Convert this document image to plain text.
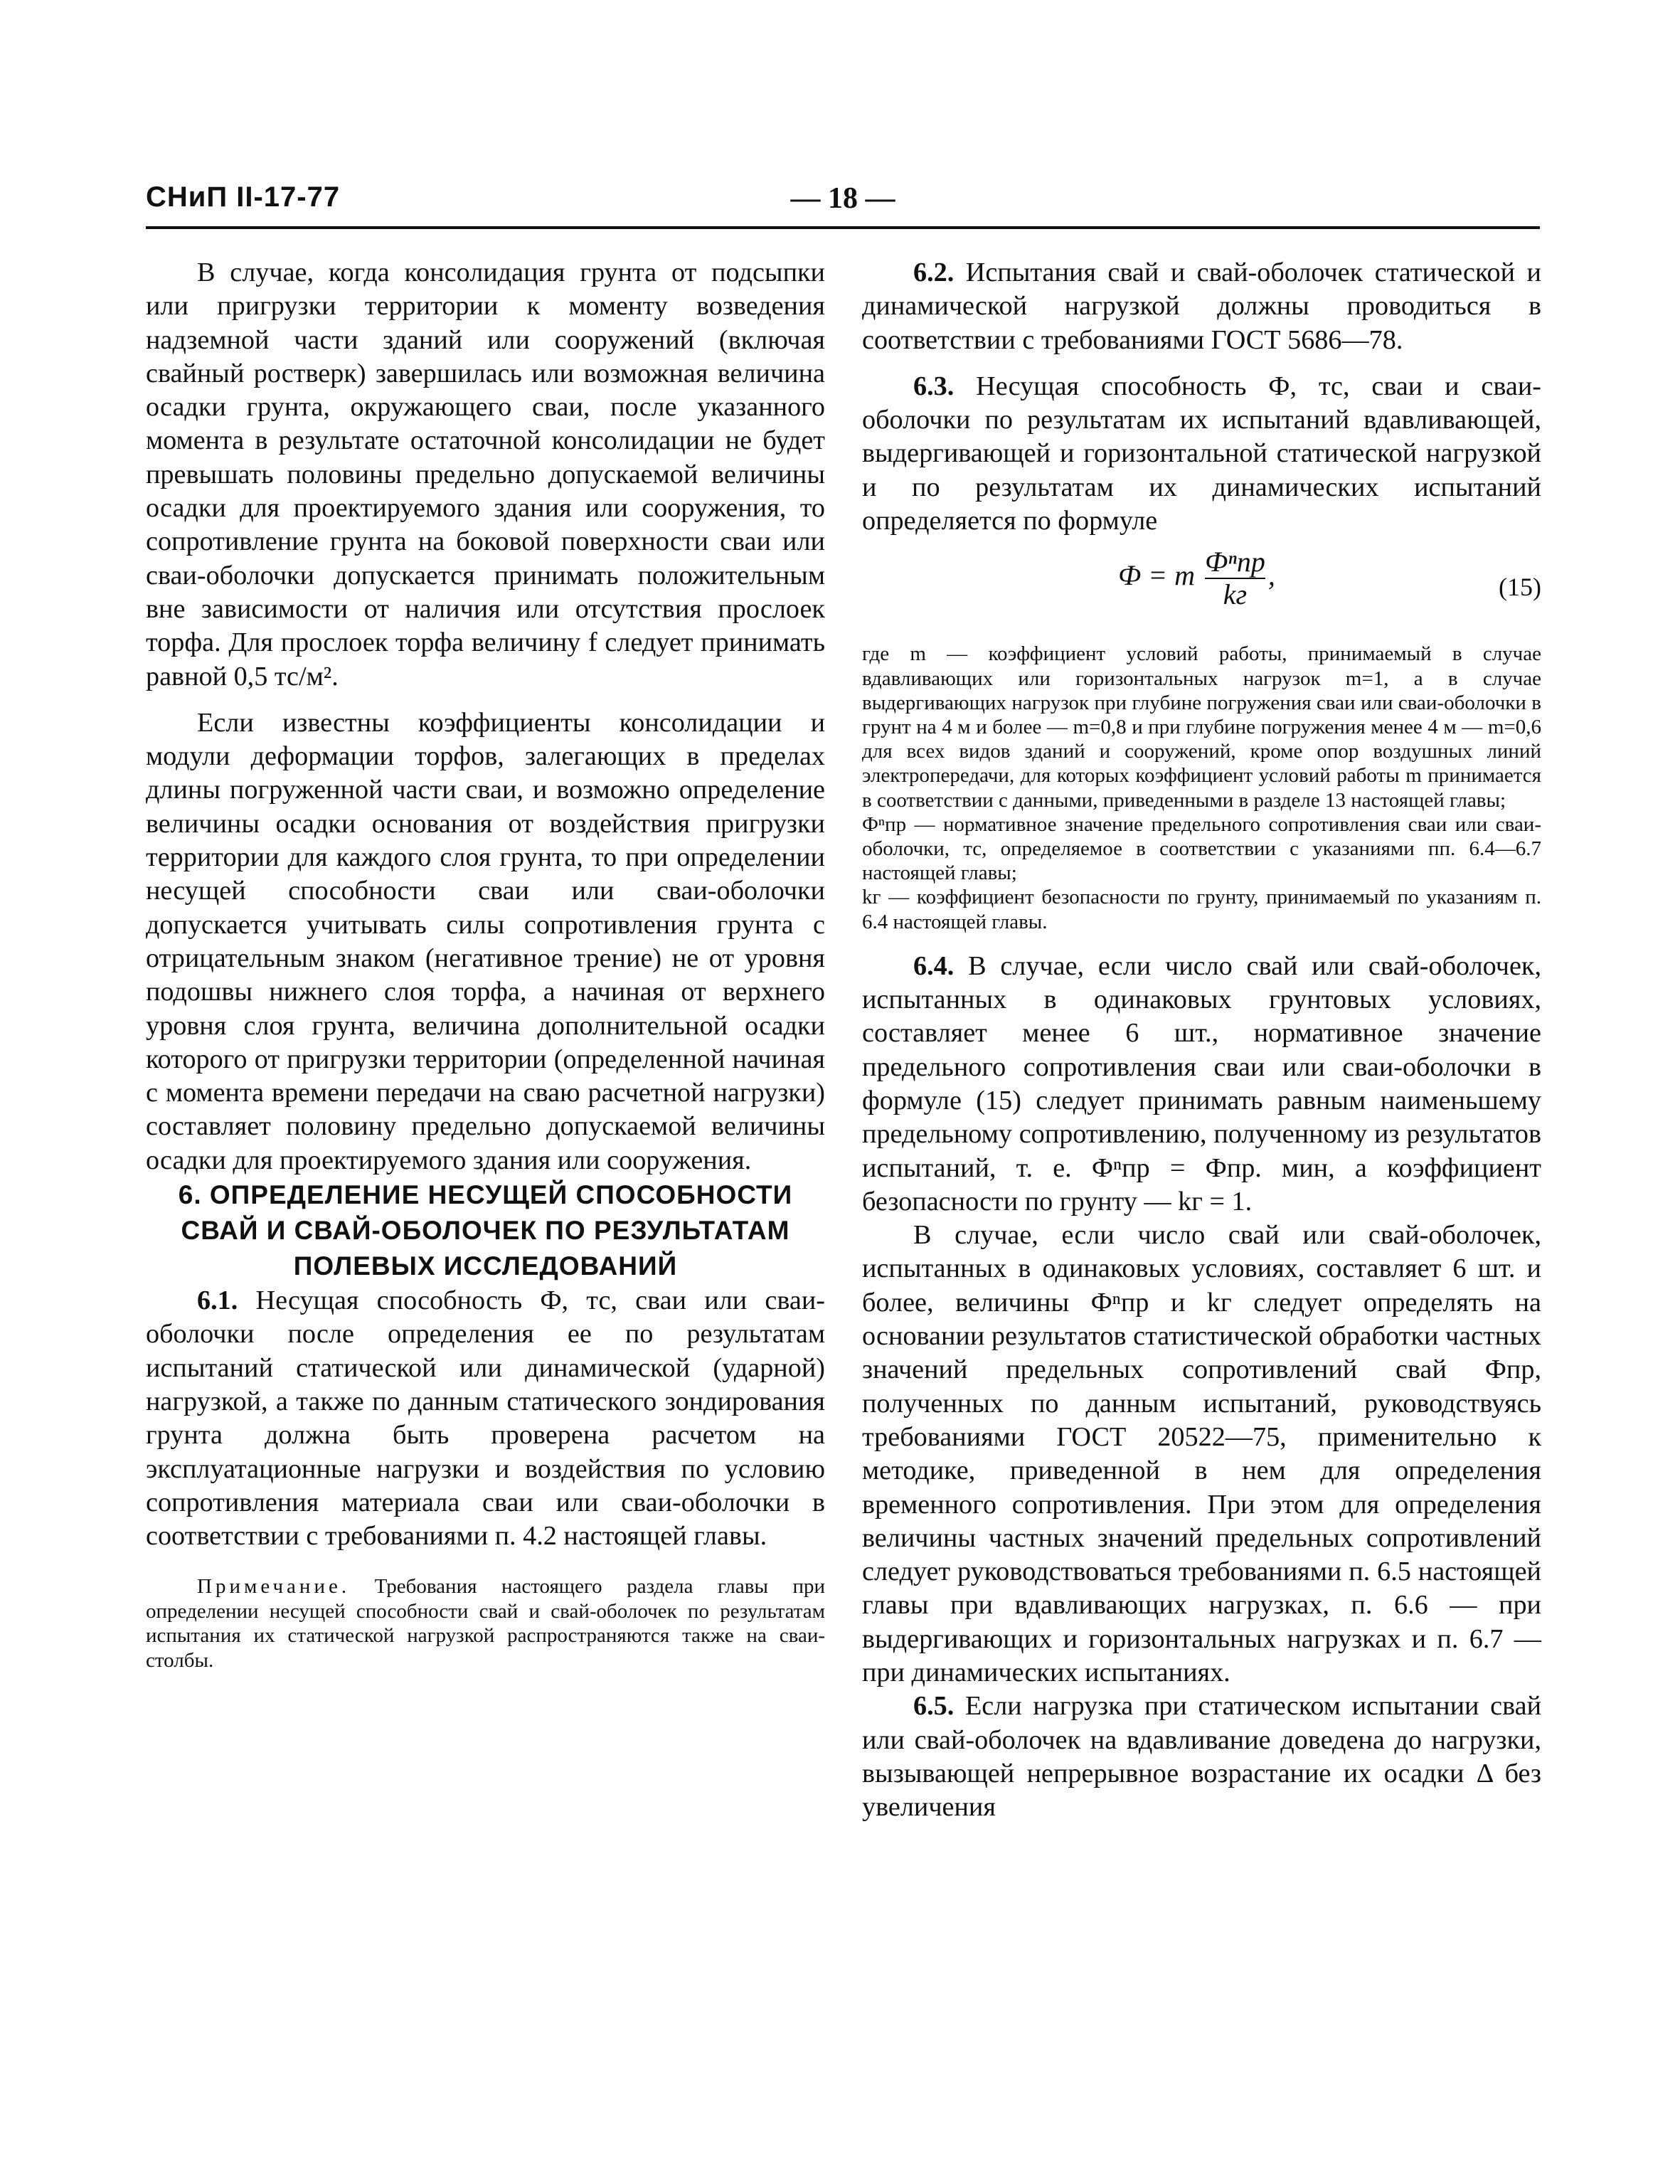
СНиП II-17-77	— 18 —

В случае, когда консолидация грунта от подсыпки или пригрузки территории к моменту возведения надземной части зданий или сооружений (включая свайный ростверк) завершилась или возможная величина осадки грунта, окружающего сваи, после указанного момента в результате остаточной консолидации не будет превышать половины предельно допускаемой величины осадки для проектируемого здания или сооружения, то сопротивление грунта на боковой поверхности сваи или сваи-оболочки допускается принимать положительным вне зависимости от наличия или отсутствия прослоек торфа. Для прослоек торфа величину f следует принимать равной 0,5 тс/м².

Если известны коэффициенты консолидации и модули деформации торфов, залегающих в пределах длины погруженной части сваи, и возможно определение величины осадки основания от воздействия пригрузки территории для каждого слоя грунта, то при определении несущей способности сваи или сваи-оболочки допускается учитывать силы сопротивления грунта с отрицательным знаком (негативное трение) не от уровня подошвы нижнего слоя торфа, а начиная от верхнего уровня слоя грунта, величина дополнительной осадки которого от пригрузки территории (определенной начиная с момента времени передачи на сваю расчетной нагрузки) составляет половину предельно допускаемой величины осадки для проектируемого здания или сооружения.

6. ОПРЕДЕЛЕНИЕ НЕСУЩЕЙ СПОСОБНОСТИ СВАЙ И СВАЙ-ОБОЛОЧЕК ПО РЕЗУЛЬТАТАМ ПОЛЕВЫХ ИССЛЕДОВАНИЙ

6.1. Несущая способность Ф, тс, сваи или сваи-оболочки после определения ее по результатам испытаний статической или динамической (ударной) нагрузкой, а также по данным статического зондирования грунта должна быть проверена расчетом на эксплуатационные нагрузки и воздействия по условию сопротивления материала сваи или сваи-оболочки в соответствии с требованиями п. 4.2 настоящей главы.

Примечание. Требования настоящего раздела главы при определении несущей способности свай и свай-оболочек по результатам испытания их статической нагрузкой распространяются также на сваи-столбы.

6.2. Испытания свай и свай-оболочек статической и динамической нагрузкой должны проводиться в соответствии с требованиями ГОСТ 5686—78.

6.3. Несущая способность Ф, тс, сваи и сваи-оболочки по результатам их испытаний вдавливающей, выдергивающей и горизонтальной статической нагрузкой и по результатам их динамических испытаний определяется по формуле

Ф = m $\frac{\text{Фⁿпр}}{kг}$ ,	(15)

где m — коэффициент условий работы, принимаемый в случае вдавливающих или горизонтальных нагрузок m=1, а в случае выдергивающих нагрузок при глубине погружения сваи или сваи-оболочки в грунт на 4 м и более — m=0,8 и при глубине погружения менее 4 м — m=0,6 для всех видов зданий и сооружений, кроме опор воздушных линий электропередачи, для которых коэффициент условий работы m принимается в соответствии с данными, приведенными в разделе 13 настоящей главы;

Фⁿпр — нормативное значение предельного сопротивления сваи или сваи-оболочки, тс, определяемое в соответствии с указаниями пп. 6.4—6.7 настоящей главы;

kг — коэффициент безопасности по грунту, принимаемый по указаниям п. 6.4 настоящей главы.

6.4. В случае, если число свай или свай-оболочек, испытанных в одинаковых грунтовых условиях, составляет менее 6 шт., нормативное значение предельного сопротивления сваи или сваи-оболочки в формуле (15) следует принимать равным наименьшему предельному сопротивлению, полученному из результатов испытаний, т. е. Фⁿпр = Фпр. мин, а коэффициент безопасности по грунту — kг = 1.

В случае, если число свай или свай-оболочек, испытанных в одинаковых условиях, составляет 6 шт. и более, величины Фⁿпр и kг следует определять на основании результатов статистической обработки частных значений предельных сопротивлений свай Фпр, полученных по данным испытаний, руководствуясь требованиями ГОСТ 20522—75, применительно к методике, приведенной в нем для определения временного сопротивления. При этом для определения величины частных значений предельных сопротивлений следует руководствоваться требованиями п. 6.5 настоящей главы при вдавливающих нагрузках, п. 6.6 — при выдергивающих и горизонтальных нагрузках и п. 6.7 — при динамических испытаниях.

6.5. Если нагрузка при статическом испытании свай или свай-оболочек на вдавливание доведена до нагрузки, вызывающей непрерывное возрастание их осадки Δ без увеличения
